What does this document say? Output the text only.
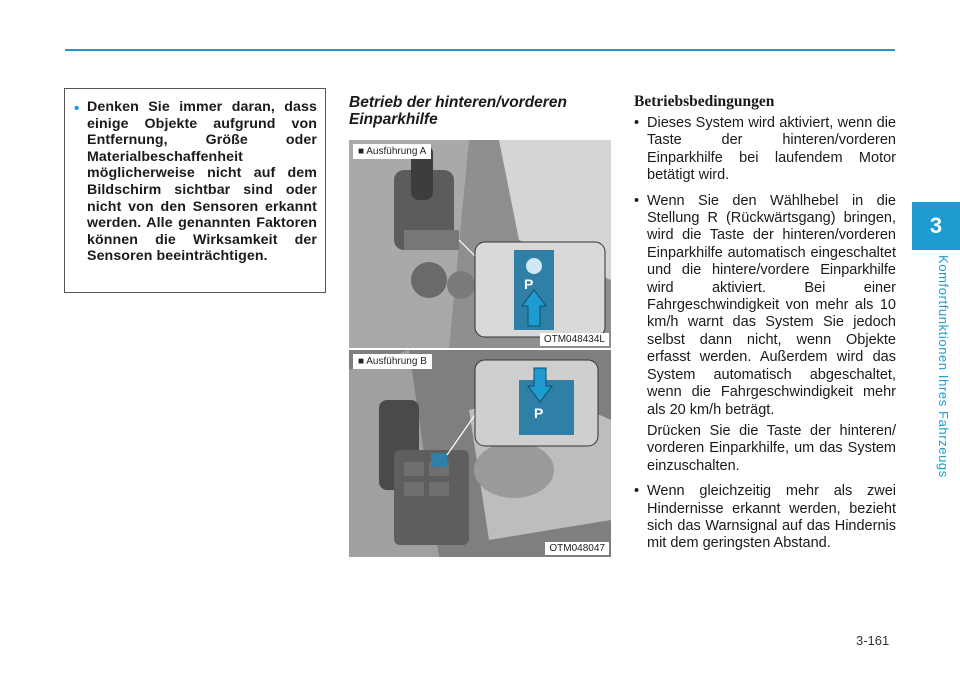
• Denken Sie immer daran, dass einige Objekte aufgrund von Entfernung, Größe oder Materialbeschaffenheit möglicherweise nicht auf dem Bildschirm sichtbar sind oder nicht von den Sensoren erkannt werden. Alle genannten Faktoren können die Wirksamkeit der Sensoren beeinträchtigen.
Betrieb der hinteren/vorderen Einparkhilfe
■ Ausführung A
P
OTM048434L
■ Ausführung B
P
OTM048047
Betriebsbedingungen
• Dieses System wird aktiviert, wenn die Taste der hinteren/vorderen Einparkhilfe bei laufendem Motor betätigt wird.
• Wenn Sie den Wählhebel in die Stellung R (Rückwärtsgang) bringen, wird die Taste der hinteren/vorderen Einparkhilfe automatisch eingeschaltet und die hintere/vordere Einparkhilfe wird aktiviert. Bei einer Fahrgeschwindigkeit von mehr als 10 km/h warnt das System Sie jedoch selbst dann nicht, wenn Objekte erfasst werden. Außerdem wird das System automatisch abgeschaltet, wenn die Fahrgeschwindigkeit mehr als 20 km/h beträgt.
Drücken Sie die Taste der hinteren/ vorderen Einparkhilfe, um das System einzuschalten.
• Wenn gleichzeitig mehr als zwei Hindernisse erkannt werden, bezieht sich das Warnsignal auf das Hindernis mit dem geringsten Abstand.
3
Komfortfunktionen Ihres Fahrzeugs
3-161
